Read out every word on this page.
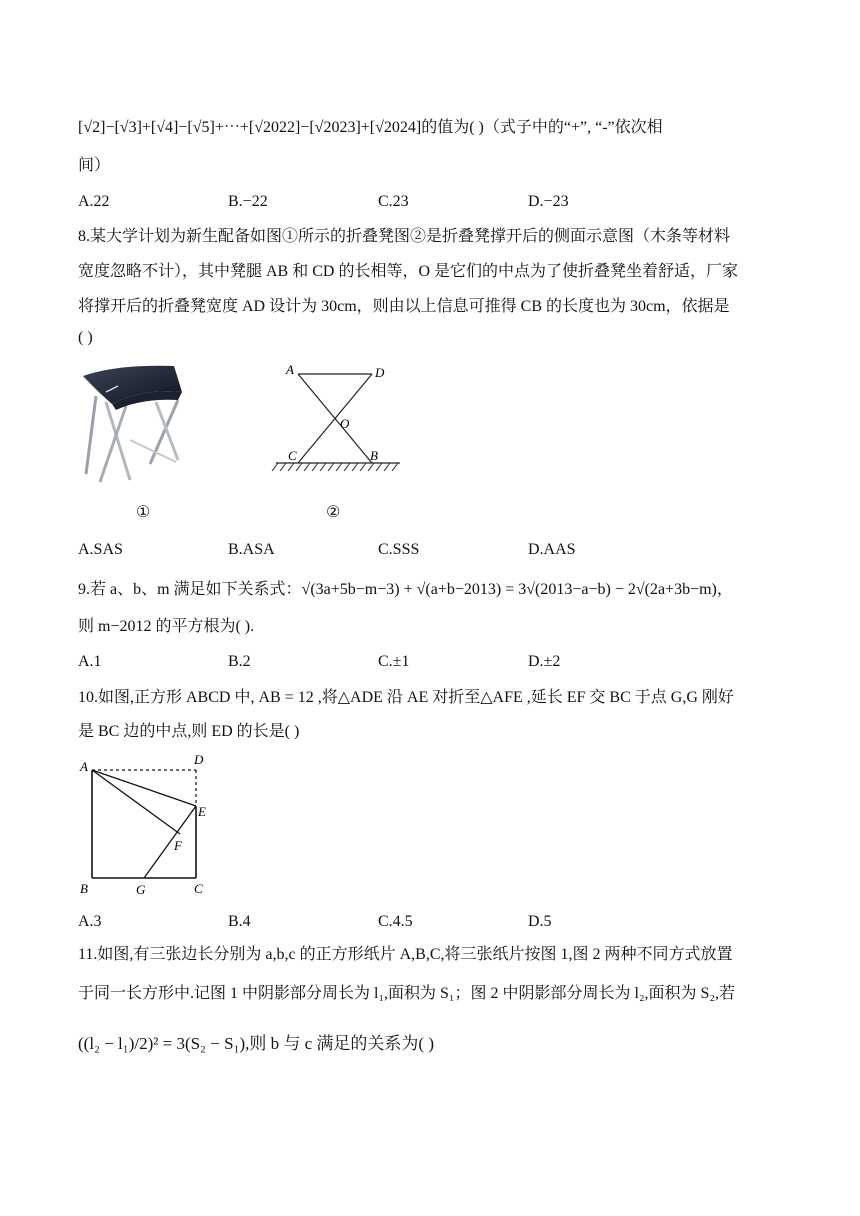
[√2]−[√3]+[√4]−[√5]+⋯+[√2022]−[√2023]+[√2024]的值为( )（式子中的“+”, “-”依次相
间）
A.22	B.−22	C.23	D.−23
8.某大学计划为新生配备如图①所示的折叠凳图②是折叠凳撑开后的侧面示意图（木条等材料
宽度忽略不计），其中凳腿 AB 和 CD 的长相等，O 是它们的中点为了使折叠凳坐着舒适，厂家
将撑开后的折叠凳宽度 AD 设计为 30cm，则由以上信息可推得 CB 的长度也为 30cm，依据是
( )
①
A	D
O
C	B
②
A.SAS	B.ASA	C.SSS	D.AAS
9.若 a、b、m 满足如下关系式：√(3a+5b−m−3) + √(a+b−2013) = 3√(2013−a−b) − 2√(2a+3b−m)，
则 m−2012 的平方根为( ).
A.1	B.2	C.±1	D.±2
10.如图,正方形 ABCD 中, AB = 12 ,将△ADE 沿 AE 对折至△AFE ,延长 EF 交 BC 于点 G,G 刚好
是 BC 边的中点,则 ED 的长是( )
A	D
E
F
B	G	C
A.3	B.4	C.4.5	D.5
11.如图,有三张边长分别为 a,b,c 的正方形纸片 A,B,C,将三张纸片按图 1,图 2 两种不同方式放置
于同一长方形中.记图 1 中阴影部分周长为 l₁,面积为 S₁；图 2 中阴影部分周长为 l₂,面积为 S₂,若
((l₂ − l₁)/2)² = 3(S₂ − S₁),则 b 与 c 满足的关系为( )
